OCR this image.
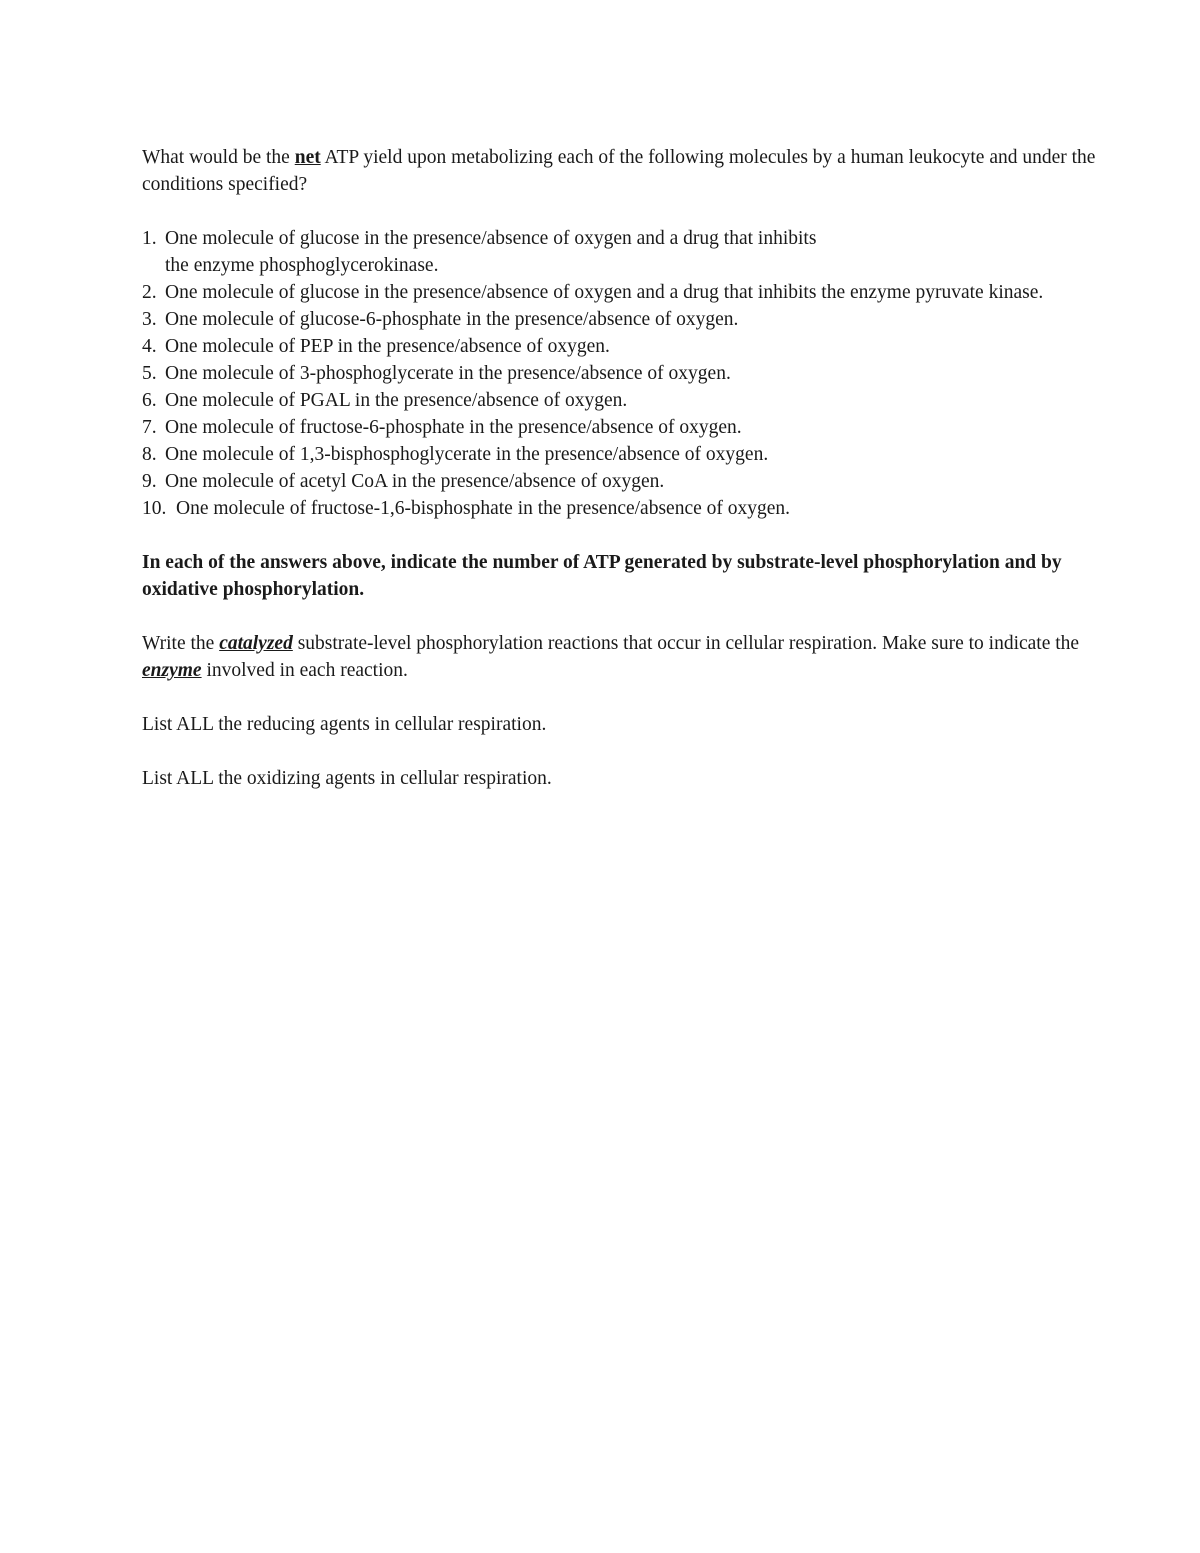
What would be the net ATP yield upon metabolizing each of the following molecules by a human leukocyte and under the conditions specified?

1. One molecule of glucose in the presence/absence of oxygen and a drug that inhibits
the enzyme phosphoglycerokinase.
2. One molecule of glucose in the presence/absence of oxygen and a drug that inhibits the enzyme pyruvate kinase.
3. One molecule of glucose-6-phosphate in the presence/absence of oxygen.
4. One molecule of PEP in the presence/absence of oxygen.
5. One molecule of 3-phosphoglycerate in the presence/absence of oxygen.
6. One molecule of PGAL in the presence/absence of oxygen.
7. One molecule of fructose-6-phosphate in the presence/absence of oxygen.
8. One molecule of 1,3-bisphosphoglycerate in the presence/absence of oxygen.
9. One molecule of acetyl CoA in the presence/absence of oxygen.
10. One molecule of fructose-1,6-bisphosphate in the presence/absence of oxygen.

In each of the answers above, indicate the number of ATP generated by substrate-level phosphorylation and by oxidative phosphorylation.

Write the catalyzed substrate-level phosphorylation reactions that occur in cellular respiration. Make sure to indicate the enzyme involved in each reaction.

List ALL the reducing agents in cellular respiration.

List ALL the oxidizing agents in cellular respiration.
